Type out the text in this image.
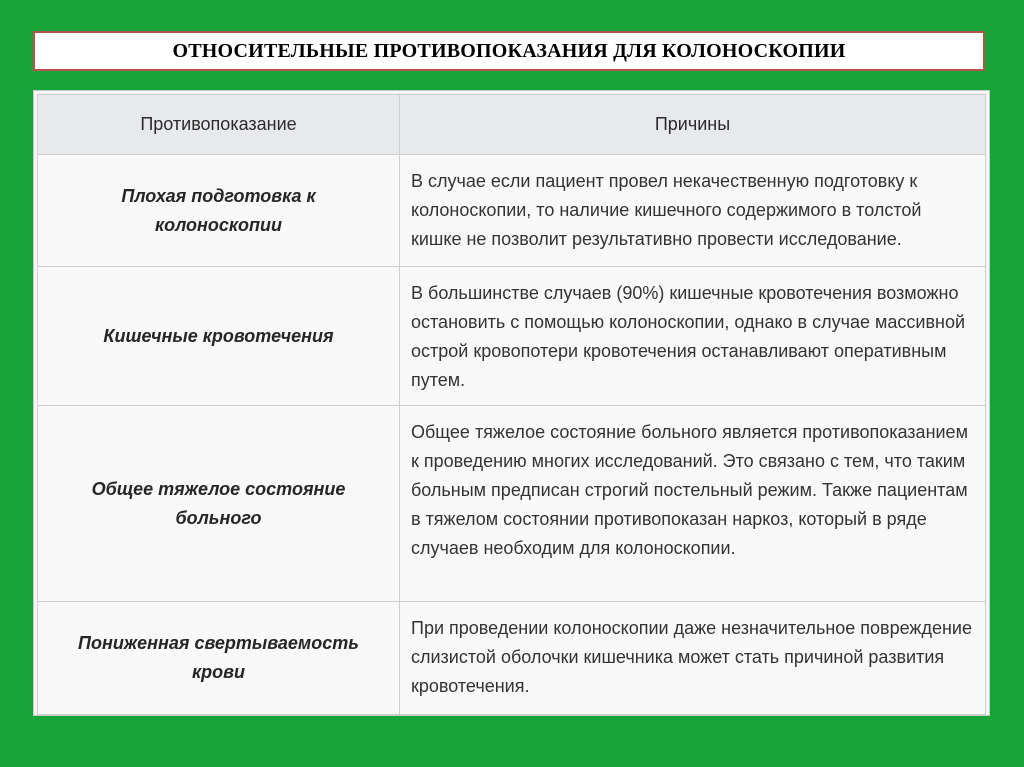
ОТНОСИТЕЛЬНЫЕ ПРОТИВОПОКАЗАНИЯ ДЛЯ КОЛОНОСКОПИИ
Противопоказание	Причины
Плохая подготовка к колоноскопии	В случае если пациент провел некачественную подготовку к колоноскопии, то наличие кишечного содержимого в толстой кишке не позволит результативно провести исследование.
Кишечные кровотечения	В большинстве случаев (90%) кишечные кровотечения возможно остановить с помощью колоноскопии, однако в случае массивной острой кровопотери кровотечения останавливают оперативным путем.
Общее тяжелое состояние больного	Общее тяжелое состояние больного является противопоказанием к проведению многих исследований. Это связано с тем, что таким больным предписан строгий постельный режим. Также пациентам в тяжелом состоянии противопоказан наркоз, который в ряде случаев необходим для колоноскопии.
Пониженная свертываемость крови	При проведении колоноскопии даже незначительное повреждение слизистой оболочки кишечника может стать причиной развития кровотечения.
